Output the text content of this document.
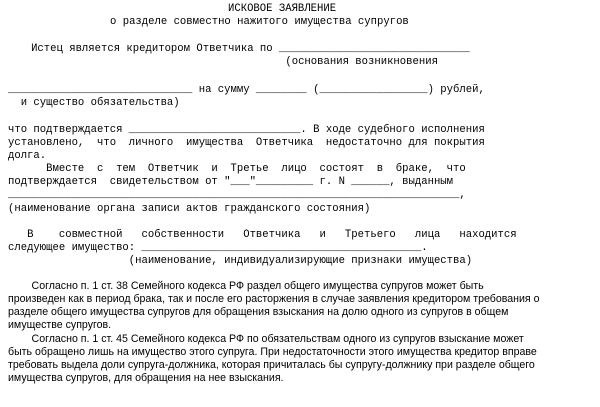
ИСКОВОЕ ЗАЯВЛЕНИЕ
о разделе совместно нажитого имущества супругов
Истец является кредитором Ответчика по ______________________________
(основания возникновения
_____________________________ на сумму ________ (_________________) рублей,
и существо обязательства)
что подтверждается ___________________________. В ходе судебного исполнения
установлено,  что  личного  имущества  Ответчика  недостаточно для покрытия
долга.
Вместе  с  тем  Ответчик  и  Третье  лицо  состоят  в  браке,  что
подтверждается  свидетельством от "___"_________ г. N ______, выданным
_______________________________________________________________________,
(наименование органа записи актов гражданского состояния)
В    совместной   собственности   Ответчика   и   Третьего   лица   находится
следующее имущество: ____________________________________________.
(наименование, индивидуализирующие признаки имущества)
Согласно п. 1 ст. 38 Семейного кодекса РФ раздел общего имущества супругов может быть
произведен как в период брака, так и после его расторжения в случае заявления кредитором требования о
разделе общего имущества супругов для обращения взыскания на долю одного из супругов в общем
имуществе супругов.
Согласно п. 1 ст. 45 Семейного кодекса РФ по обязательствам одного из супругов взыскание может
быть обращено лишь на имущество этого супруга. При недостаточности этого имущества кредитор вправе
требовать выдела доли супруга-должника, которая причиталась бы супругу-должнику при разделе общего
имущества супругов, для обращения на нее взыскания.
